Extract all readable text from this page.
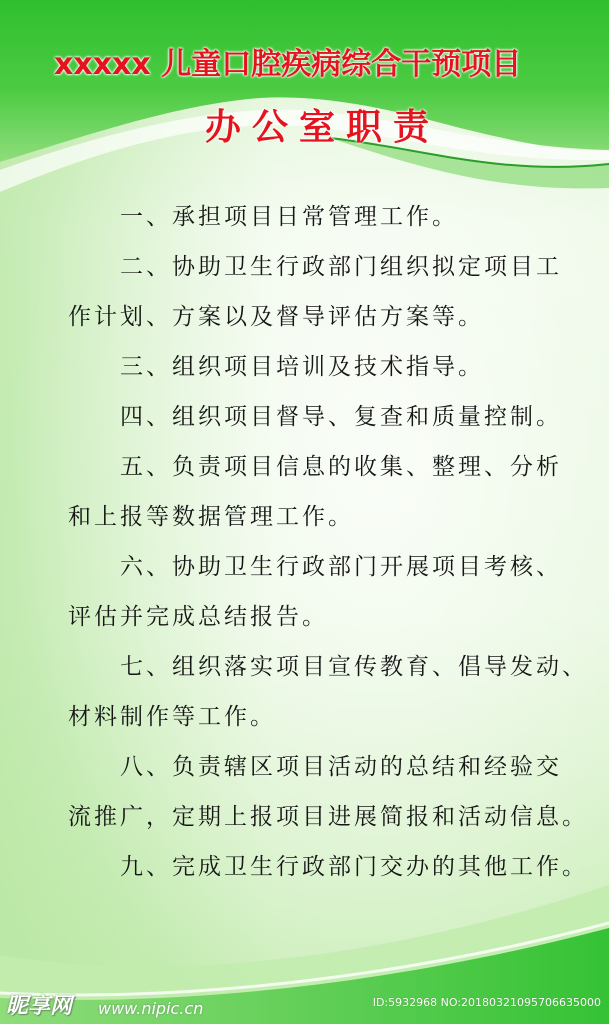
xxxxx 儿童口腔疾病综合干预项目
办公室职责
一、承担项目日常管理工作。
二、协助卫生行政部门组织拟定项目工
作计划、方案以及督导评估方案等。
三、组织项目培训及技术指导。
四、组织项目督导、复查和质量控制。
五、负责项目信息的收集、整理、分析
和上报等数据管理工作。
六、协助卫生行政部门开展项目考核、
评估并完成总结报告。
七、组织落实项目宣传教育、倡导发动、
材料制作等工作。
八、负责辖区项目活动的总结和经验交
流推广，定期上报项目进展简报和活动信息。
九、完成卫生行政部门交办的其他工作。
昵享网 www.nipic.cn	ID:5932968 NO:20180321095706635000
